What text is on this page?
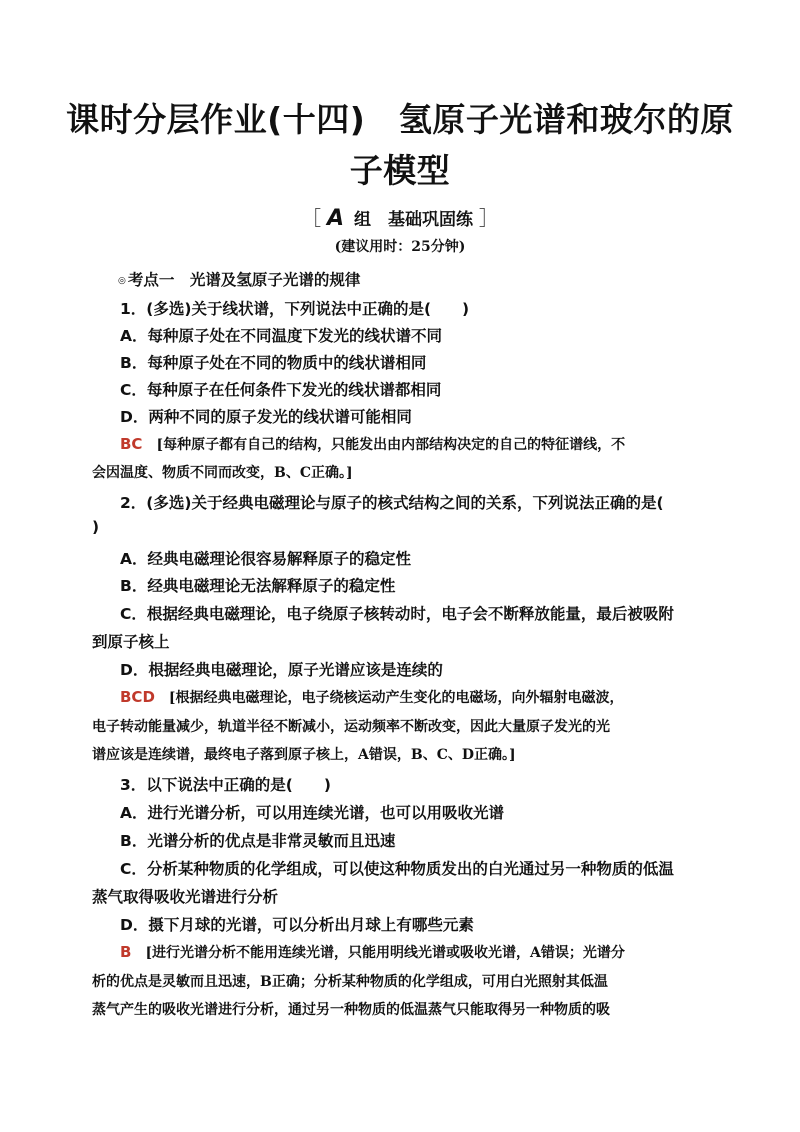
课时分层作业(十四)　氢原子光谱和玻尔的原
子模型
［ A 组　基础巩固练 ］
(建议用时：25分钟)
◎ 考点一　光谱及氢原子光谱的规律
1．(多选)关于线状谱，下列说法中正确的是(　　)
A．每种原子处在不同温度下发光的线状谱不同
B．每种原子处在不同的物质中的线状谱相同
C．每种原子在任何条件下发光的线状谱都相同
D．两种不同的原子发光的线状谱可能相同
BC [每种原子都有自己的结构，只能发出由内部结构决定的自己的特征谱线，不
会因温度、物质不同而改变，B、C正确。]
2．(多选)关于经典电磁理论与原子的核式结构之间的关系，下列说法正确的是(
)
A．经典电磁理论很容易解释原子的稳定性
B．经典电磁理论无法解释原子的稳定性
C．根据经典电磁理论，电子绕原子核转动时，电子会不断释放能量，最后被吸附
到原子核上
D．根据经典电磁理论，原子光谱应该是连续的
BCD [根据经典电磁理论，电子绕核运动产生变化的电磁场，向外辐射电磁波，
电子转动能量减少，轨道半径不断减小，运动频率不断改变，因此大量原子发光的光
谱应该是连续谱，最终电子落到原子核上，A错误，B、C、D正确。]
3．以下说法中正确的是(　　)
A．进行光谱分析，可以用连续光谱，也可以用吸收光谱
B．光谱分析的优点是非常灵敏而且迅速
C．分析某种物质的化学组成，可以使这种物质发出的白光通过另一种物质的低温
蒸气取得吸收光谱进行分析
D．摄下月球的光谱，可以分析出月球上有哪些元素
B [进行光谱分析不能用连续光谱，只能用明线光谱或吸收光谱，A错误；光谱分
析的优点是灵敏而且迅速，B正确；分析某种物质的化学组成，可用白光照射其低温
蒸气产生的吸收光谱进行分析，通过另一种物质的低温蒸气只能取得另一种物质的吸
